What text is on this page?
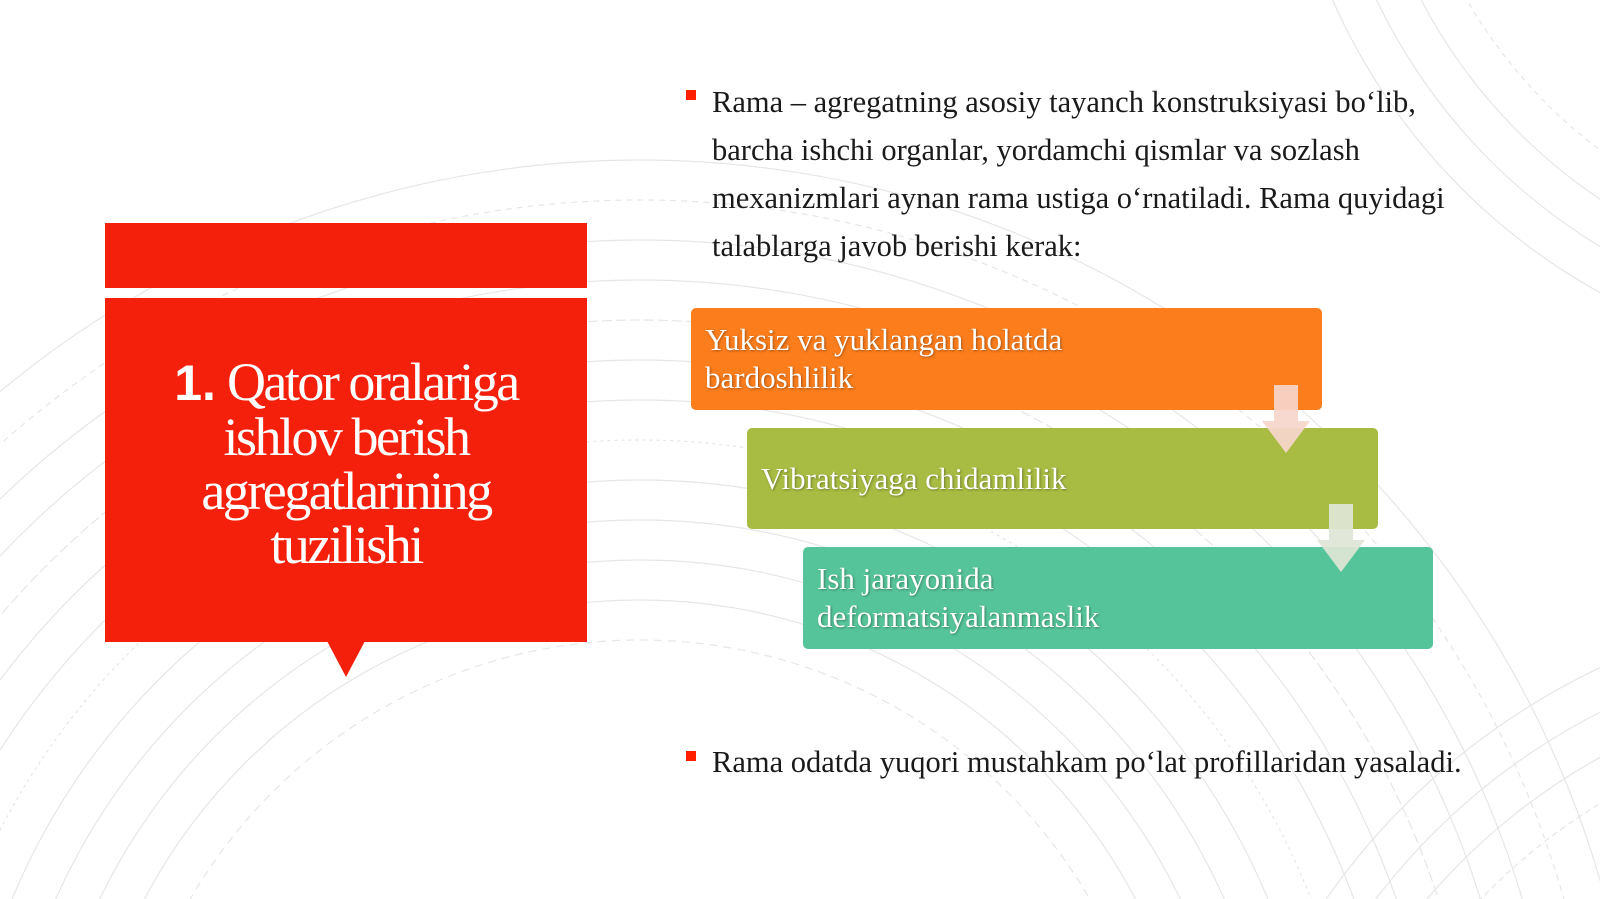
1. Qator oralariga ishlov berish agregatlarining tuzilishi
Rama – agregatning asosiy tayanch konstruksiyasi bo‘lib, barcha ishchi organlar, yordamchi qismlar va sozlash mexanizmlari aynan rama ustiga o‘rnatiladi. Rama quyidagi talablarga javob berishi kerak:
Yuksiz va yuklangan holatda bardoshlilik
Vibratsiyaga chidamlilik
Ish jarayonida deformatsiyalanmaslik
Rama odatda yuqori mustahkam po‘lat profillaridan yasaladi.
